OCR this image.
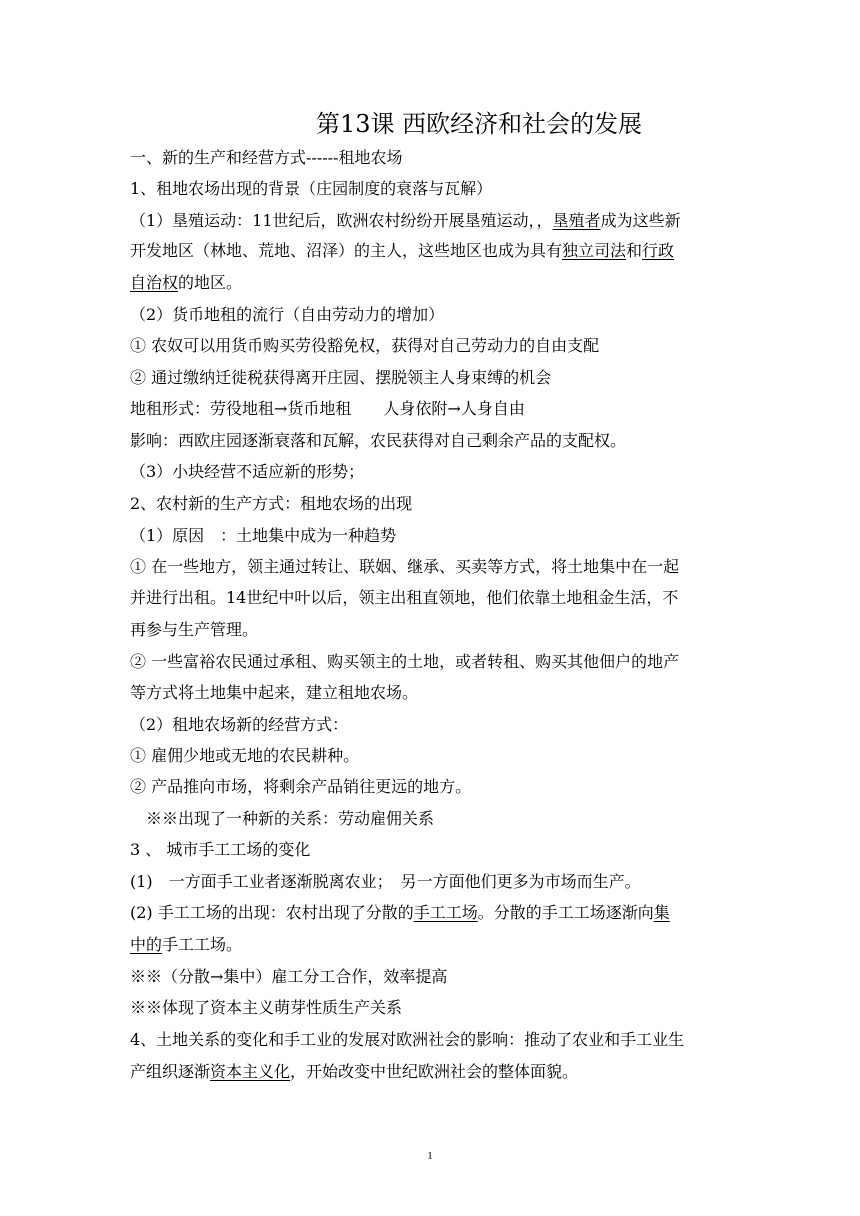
第13课 西欧经济和社会的发展
一、新的生产和经营方式------租地农场
1、租地农场出现的背景（庄园制度的衰落与瓦解）
（1）垦殖运动：11世纪后，欧洲农村纷纷开展垦殖运动，，垦殖者成为这些新
开发地区（林地、荒地、沼泽）的主人，这些地区也成为具有独立司法和行政
自治权的地区。
（2）货币地租的流行（自由劳动力的增加）
① 农奴可以用货币购买劳役豁免权，获得对自己劳动力的自由支配
② 通过缴纳迁徙税获得离开庄园、摆脱领主人身束缚的机会
地租形式：劳役地租→货币地租　　人身依附→人身自由
影响：西欧庄园逐渐衰落和瓦解，农民获得对自己剩余产品的支配权。
（3）小块经营不适应新的形势；
2、农村新的生产方式：租地农场的出现
（1）原因　：土地集中成为一种趋势
① 在一些地方，领主通过转让、联姻、继承、买卖等方式，将土地集中在一起
并进行出租。14世纪中叶以后，领主出租直领地，他们依靠土地租金生活，不
再参与生产管理。
② 一些富裕农民通过承租、购买领主的土地，或者转租、购买其他佃户的地产
等方式将土地集中起来，建立租地农场。
（2）租地农场新的经营方式：
① 雇佣少地或无地的农民耕种。
② 产品推向市场，将剩余产品销往更远的地方。
　※※出现了一种新的关系：劳动雇佣关系
3 、 城市手工工场的变化
(1)　一方面手工业者逐渐脱离农业；　另一方面他们更多为市场而生产。
(2) 手工工场的出现：农村出现了分散的手工工场。分散的手工工场逐渐向集
中的手工工场。
※※（分散→集中）雇工分工合作，效率提高
※※体现了资本主义萌芽性质生产关系
4、土地关系的变化和手工业的发展对欧洲社会的影响：推动了农业和手工业生
产组织逐渐资本主义化，开始改变中世纪欧洲社会的整体面貌。
1
